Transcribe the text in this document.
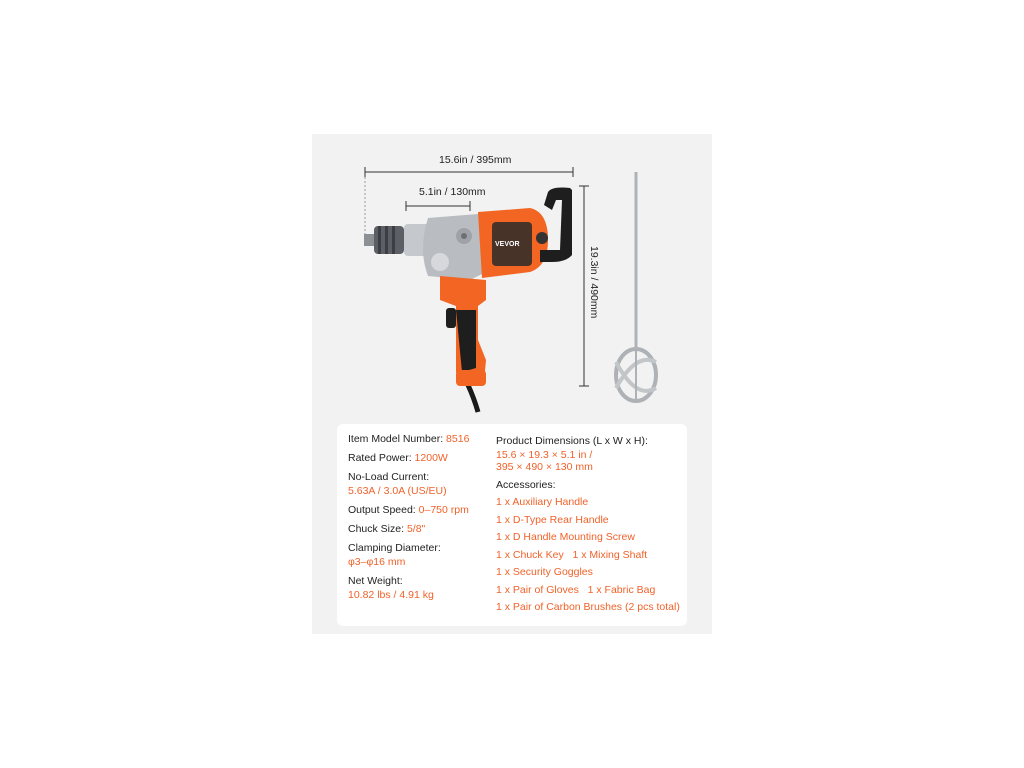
VEVOR
15.6in / 395mm
5.1in / 130mm
19.3in / 490mm
Item Model Number: 8516
Rated Power: 1200W
No-Load Current:
5.63A / 3.0A (US/EU)
Output Speed: 0–750 rpm
Chuck Size: 5/8"
Clamping Diameter:
φ3–φ16 mm
Net Weight:
10.82 lbs / 4.91 kg
Product Dimensions (L x W x H):
15.6 × 19.3 × 5.1 in /
395 × 490 × 130 mm
Accessories:
1 x Auxiliary Handle
1 x D-Type Rear Handle
1 x D Handle Mounting Screw
1 x Chuck Key   1 x Mixing Shaft
1 x Security Goggles
1 x Pair of Gloves   1 x Fabric Bag
1 x Pair of Carbon Brushes (2 pcs total)
